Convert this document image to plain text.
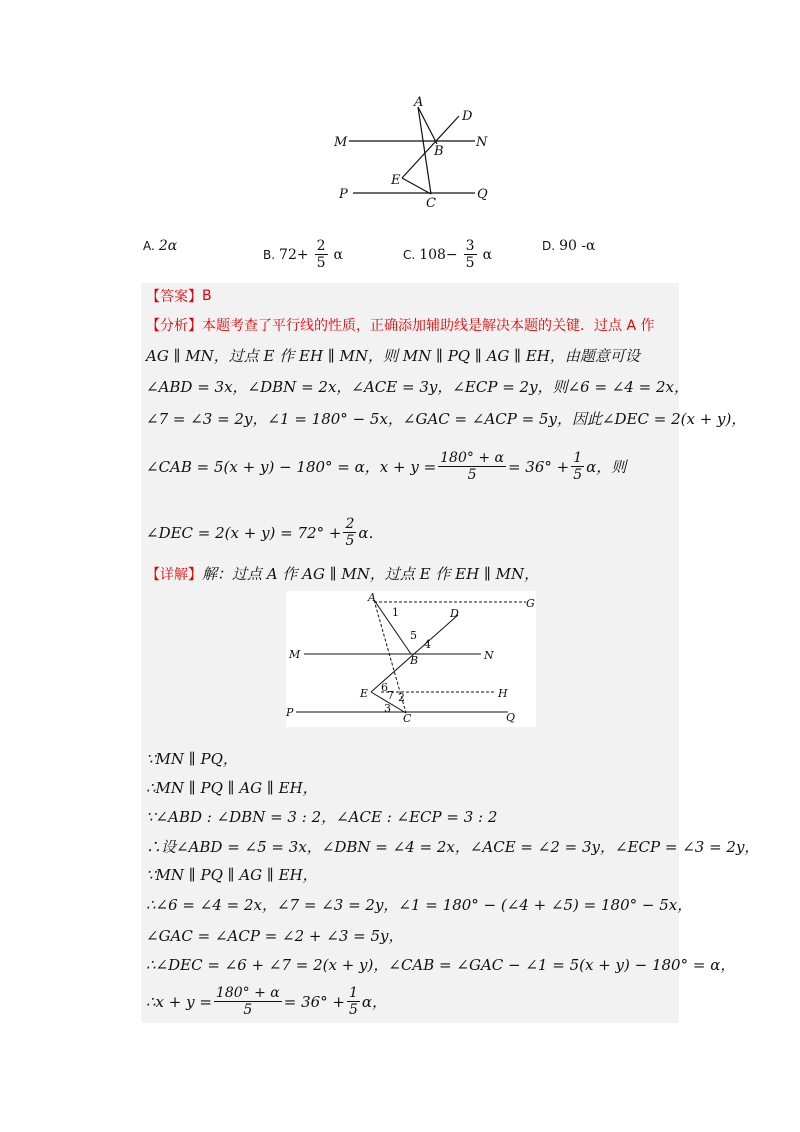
A
D
M	N
B
E
P	Q
C
A. 2α
B. $72+ \frac{2}{5}$ α	C. $108- \frac{3}{5}$ α
D. 90 -α
【答案】 B
【分析】 本题考查了平行线的性质，正确添加辅助线是解决本题的关键．过点 A 作
AG ∥ MN，过点 E 作 EH ∥ MN，则 MN ∥ PQ ∥ AG ∥ EH，由题意可设
∠ABD = 3x，∠DBN = 2x，∠ACE = 3y，∠ECP = 2y，则∠6 = ∠4 = 2x，
∠7 = ∠3 = 2y，∠1 = 180° − 5x，∠GAC = ∠ACP = 5y，因此∠DEC = 2(x + y)，
∠CAB = 5(x + y) − 180° = α，$x + y = \frac{180^\circ + \alpha}{5} = 36^\circ + \frac{1}{5}$ α，则
∠DEC = $2(x + y) = 72^\circ + \frac{2}{5}$ α．
【详解】 解：过点 A 作 AG ∥ MN，过点 E 作 EH ∥ MN，
A	G
D
1
5
4
M	N
B
E 6
7 2
3
H
P	Q
C
∵MN ∥ PQ，
∴MN ∥ PQ ∥ AG ∥ EH，
∵∠ABD : ∠DBN = 3 : 2，∠ACE : ∠ECP = 3 : 2
∴设∠ABD = ∠5 = 3x，∠DBN = ∠4 = 2x，∠ACE = ∠2 = 3y，∠ECP = ∠3 = 2y，
∵MN ∥ PQ ∥ AG ∥ EH，
∴∠6 = ∠4 = 2x，∠7 = ∠3 = 2y，∠1 = 180° − (∠4 + ∠5) = 180° − 5x，
∠GAC = ∠ACP = ∠2 + ∠3 = 5y，
∴∠DEC = ∠6 + ∠7 = 2(x + y)，∠CAB = ∠GAC − ∠1 = 5(x + y) − 180° = α，
∴x + $y = \frac{180^\circ + \alpha}{5} = 36^\circ + \frac{1}{5}$ α，
